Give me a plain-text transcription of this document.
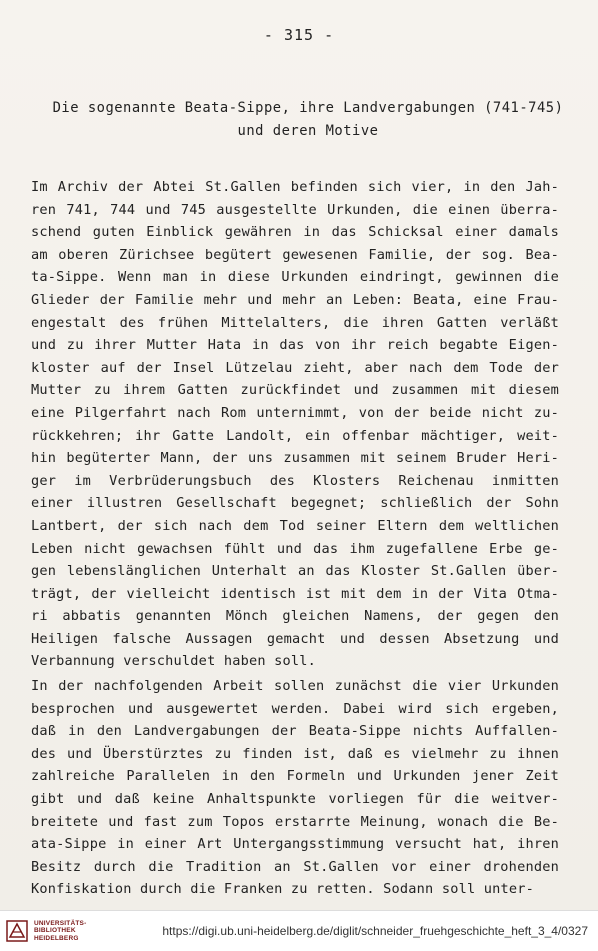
- 315 -
Die sogenannte Beata-Sippe, ihre Landvergabungen (741-745)
und deren Motive
Im Archiv der Abtei St.Gallen befinden sich vier, in den Jah-
ren 741, 744 und 745 ausgestellte Urkunden, die einen überra-
schend guten Einblick gewähren in das Schicksal einer damals
am oberen Zürichsee begütert gewesenen Familie, der sog. Bea-
ta-Sippe. Wenn man in diese Urkunden eindringt, gewinnen die
Glieder der Familie mehr und mehr an Leben: Beata, eine Frau-
engestalt des frühen Mittelalters, die ihren Gatten verläßt
und zu ihrer Mutter Hata in das von ihr reich begabte Eigen-
kloster auf der Insel Lützelau zieht, aber nach dem Tode der
Mutter zu ihrem Gatten zurückfindet und zusammen mit diesem
eine Pilgerfahrt nach Rom unternimmt, von der beide nicht zu-
rückkehren; ihr Gatte Landolt, ein offenbar mächtiger, weit-
hin begüterter Mann, der uns zusammen mit seinem Bruder Heri-
ger im Verbrüderungsbuch des Klosters Reichenau inmitten
einer illustren Gesellschaft begegnet; schließlich der Sohn
Lantbert, der sich nach dem Tod seiner Eltern dem weltlichen
Leben nicht gewachsen fühlt und das ihm zugefallene Erbe ge-
gen lebenslänglichen Unterhalt an das Kloster St.Gallen über-
trägt, der vielleicht identisch ist mit dem in der Vita Otma-
ri abbatis genannten Mönch gleichen Namens, der gegen den
Heiligen falsche Aussagen gemacht und dessen Absetzung und
Verbannung verschuldet haben soll.
In der nachfolgenden Arbeit sollen zunächst die vier Urkunden
besprochen und ausgewertet werden. Dabei wird sich ergeben,
daß in den Landvergabungen der Beata-Sippe nichts Auffallen-
des und Überstürztes zu finden ist, daß es vielmehr zu ihnen
zahlreiche Parallelen in den Formeln und Urkunden jener Zeit
gibt und daß keine Anhaltspunkte vorliegen für die weitver-
breitete und fast zum Topos erstarrte Meinung, wonach die Be-
ata-Sippe in einer Art Untergangsstimmung versucht hat, ihren
Besitz durch die Tradition an St.Gallen vor einer drohenden
Konfiskation durch die Franken zu retten. Sodann soll unter-
UNIVERSITÄTS-
BIBLIOTHEK
HEIDELBERG
https://digi.ub.uni-heidelberg.de/diglit/schneider_fruehgeschichte_heft_3_4/0327
